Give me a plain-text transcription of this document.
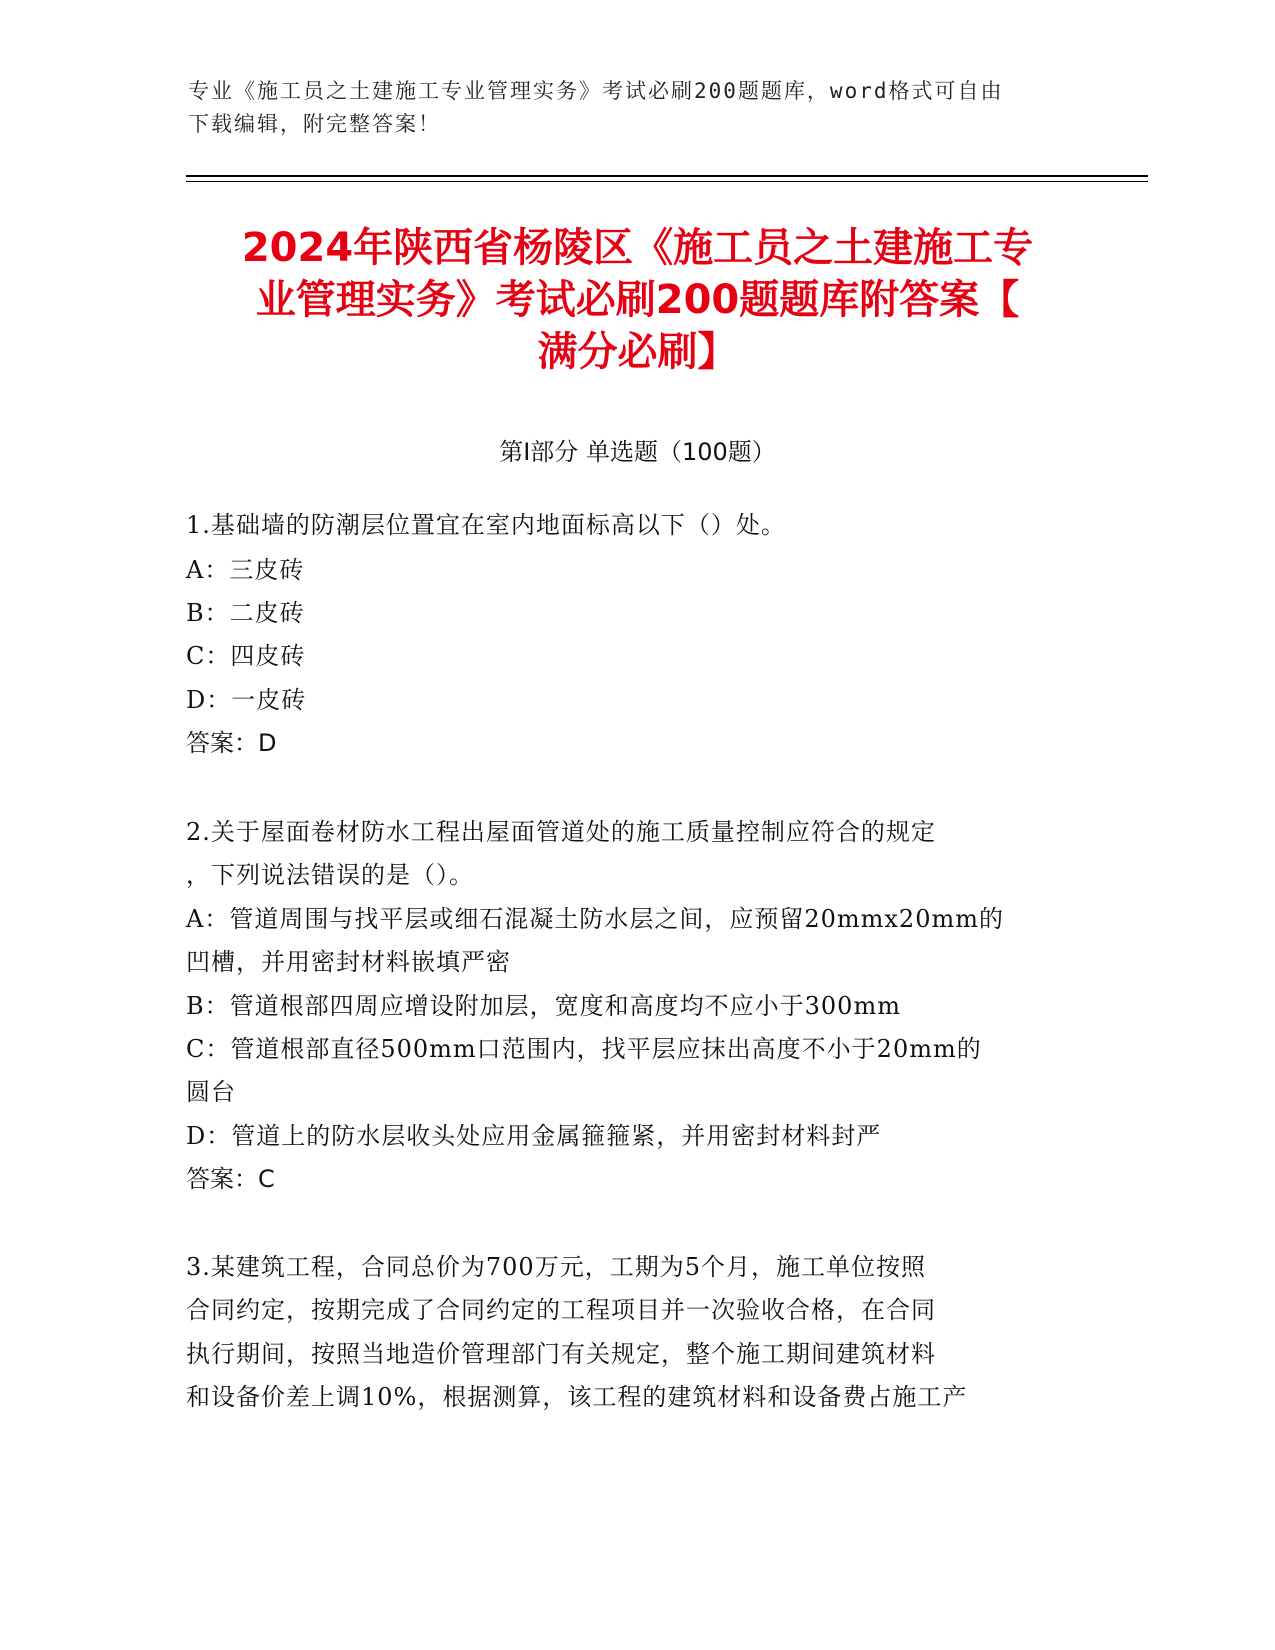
专业《施工员之土建施工专业管理实务》考试必刷200题题库，word格式可自由
下载编辑，附完整答案！
2024年陕西省杨陵区《施工员之土建施工专
业管理实务》考试必刷200题题库附答案【
满分必刷】
第Ⅰ部分 单选题（100题）
1.基础墙的防潮层位置宜在室内地面标高以下（）处。
A：三皮砖
B：二皮砖
C：四皮砖
D：一皮砖
答案：D
2.关于屋面卷材防水工程出屋面管道处的施工质量控制应符合的规定
，下列说法错误的是（）。
A：管道周围与找平层或细石混凝土防水层之间，应预留20mmx20mm的
凹槽，并用密封材料嵌填严密
B：管道根部四周应增设附加层，宽度和高度均不应小于300mm
C：管道根部直径500mm口范围内，找平层应抹出高度不小于20mm的
圆台
D：管道上的防水层收头处应用金属箍箍紧，并用密封材料封严
答案：C
3.某建筑工程，合同总价为700万元，工期为5个月，施工单位按照
合同约定，按期完成了合同约定的工程项目并一次验收合格，在合同
执行期间，按照当地造价管理部门有关规定，整个施工期间建筑材料
和设备价差上调10%，根据测算，该工程的建筑材料和设备费占施工产
